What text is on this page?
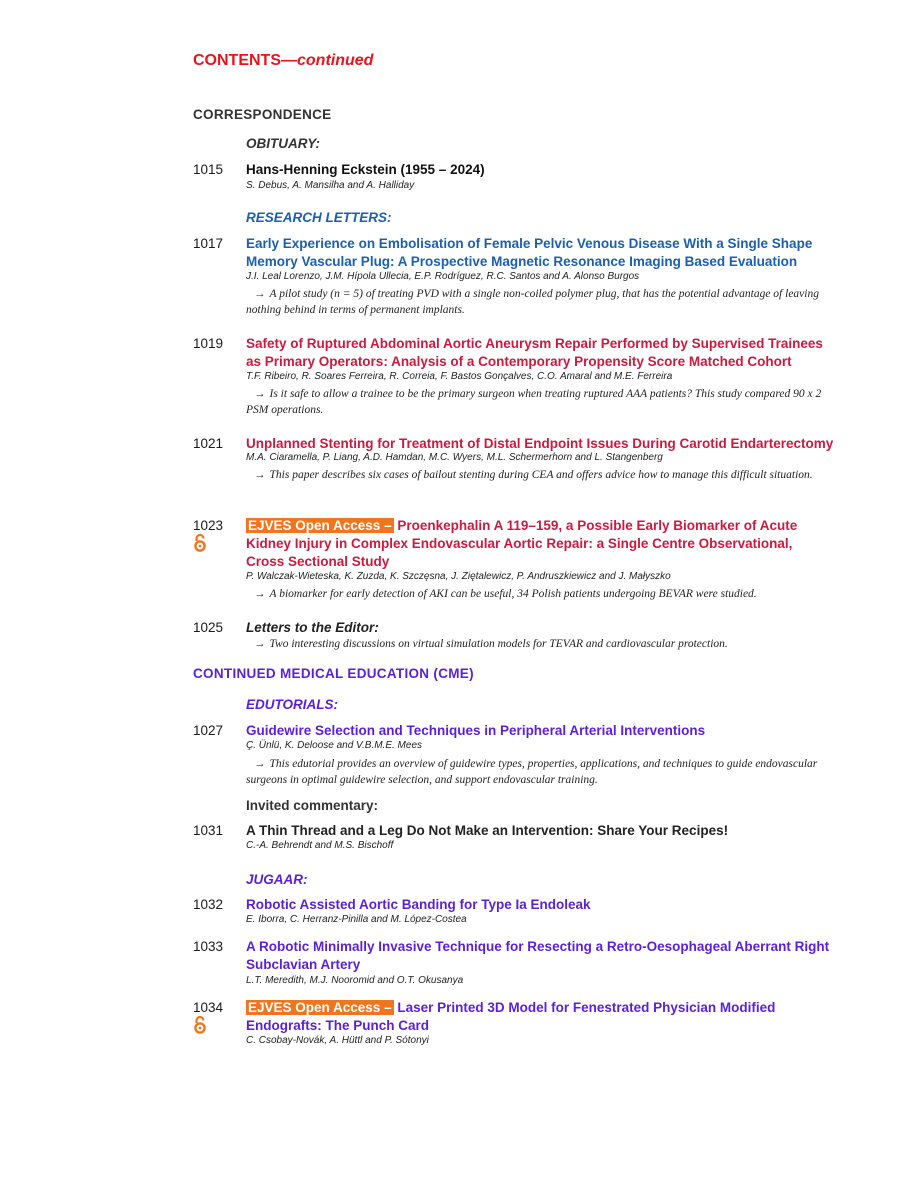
CONTENTS—continued
CORRESPONDENCE
OBITUARY:
1015 Hans-Henning Eckstein (1955 – 2024)
S. Debus, A. Mansilha and A. Halliday
RESEARCH LETTERS:
1017 Early Experience on Embolisation of Female Pelvic Venous Disease With a Single Shape Memory Vascular Plug: A Prospective Magnetic Resonance Imaging Based Evaluation
J.I. Leal Lorenzo, J.M. Hípola Ullecia, E.P. Rodríguez, R.C. Santos and A. Alonso Burgos
→ A pilot study (n = 5) of treating PVD with a single non-coiled polymer plug, that has the potential advantage of leaving nothing behind in terms of permanent implants.
1019 Safety of Ruptured Abdominal Aortic Aneurysm Repair Performed by Supervised Trainees as Primary Operators: Analysis of a Contemporary Propensity Score Matched Cohort
T.F. Ribeiro, R. Soares Ferreira, R. Correia, F. Bastos Gonçalves, C.O. Amaral and M.E. Ferreira
→ Is it safe to allow a trainee to be the primary surgeon when treating ruptured AAA patients? This study compared 90 x 2 PSM operations.
1021 Unplanned Stenting for Treatment of Distal Endpoint Issues During Carotid Endarterectomy
M.A. Ciaramella, P. Liang, A.D. Hamdan, M.C. Wyers, M.L. Schermerhorn and L. Stangenberg
→ This paper describes six cases of bailout stenting during CEA and offers advice how to manage this difficult situation.
1023 EJVES Open Access – Proenkephalin A 119–159, a Possible Early Biomarker of Acute Kidney Injury in Complex Endovascular Aortic Repair: a Single Centre Observational, Cross Sectional Study
P. Walczak-Wieteska, K. Zuzda, K. Szczęsna, J. Ziętalewicz, P. Andruszkiewicz and J. Małyszko
→ A biomarker for early detection of AKI can be useful, 34 Polish patients undergoing BEVAR were studied.
1025 Letters to the Editor:
→ Two interesting discussions on virtual simulation models for TEVAR and cardiovascular protection.
CONTINUED MEDICAL EDUCATION (CME)
EDUTORIALS:
1027 Guidewire Selection and Techniques in Peripheral Arterial Interventions
Ç. Ünlü, K. Deloose and V.B.M.E. Mees
→ This edutorial provides an overview of guidewire types, properties, applications, and techniques to guide endovascular surgeons in optimal guidewire selection, and support endovascular training.
Invited commentary:
1031 A Thin Thread and a Leg Do Not Make an Intervention: Share Your Recipes!
C.-A. Behrendt and M.S. Bischoff
JUGAAR:
1032 Robotic Assisted Aortic Banding for Type Ia Endoleak
E. Iborra, C. Herranz-Pinilla and M. López-Costea
1033 A Robotic Minimally Invasive Technique for Resecting a Retro-Oesophageal Aberrant Right Subclavian Artery
L.T. Meredith, M.J. Nooromid and O.T. Okusanya
1034 EJVES Open Access – Laser Printed 3D Model for Fenestrated Physician Modified Endografts: The Punch Card
C. Csobay-Novák, A. Hüttl and P. Sótonyi
